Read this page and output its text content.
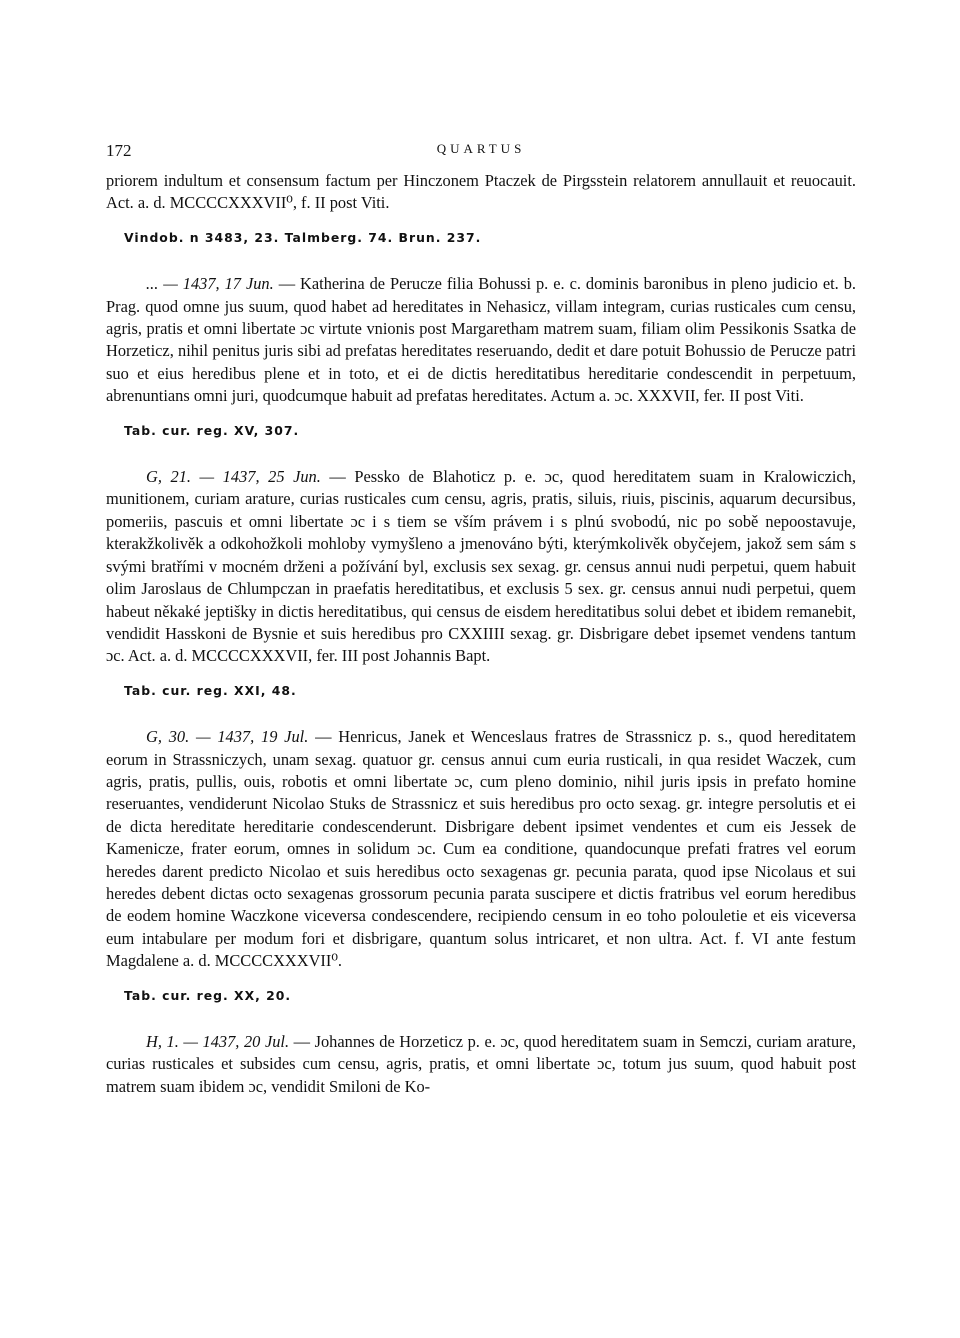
172	QUARTUS

priorem indultum et consensum factum per Hinczonem Ptaczek de Pirgsstein relatorem annullauit et reuocauit. Act. a. d. MCCCCXXXVII⁰, f. II post Viti.

Vindob. n 3483, 23. Talmberg. 74. Brun. 237.

... — 1437, 17 Jun. — Katherina de Perucze filia Bohussi p. e. c. dominis baronibus in pleno judicio et. b. Prag. quod omne jus suum, quod habet ad hereditates in Nehasicz, villam integram, curias rusticales cum censu, agris, pratis et omni libertate ɔc virtute vnionis post Margaretham matrem suam, filiam olim Pessikonis Ssatka de Horzeticz, nihil penitus juris sibi ad prefatas hereditates reseruando, dedit et dare potuit Bohussio de Perucze patri suo et eius heredibus plene et in toto, et ei de dictis hereditatibus hereditarie condescendit in perpetuum, abrenuntians omni juri, quodcumque habuit ad prefatas hereditates. Actum a. ɔc. XXXVII, fer. II post Viti.

Tab. cur. reg. XV, 307.

G, 21. — 1437, 25 Jun. — Pessko de Blahoticz p. e. ɔc, quod hereditatem suam in Kralowiczich, munitionem, curiam arature, curias rusticales cum censu, agris, pratis, siluis, riuis, piscinis, aquarum decursibus, pomeriis, pascuis et omni libertate ɔc i s tiem se vším právem i s plnú svobodú, nic po sobě nepoostavuje, kterakžkolivěk a odkohožkoli mohloby vymyšleno a jmenováno býti, kterýmkolivěk obyčejem, jakož sem sám s svými bratřími v mocném drženi a požívání byl, exclusis sex sexag. gr. census annui nudi perpetui, quem habuit olim Jaroslaus de Chlumpczan in praefatis hereditatibus, et exclusis 5 sex. gr. census annui nudi perpetui, quem habeut někaké jeptišky in dictis hereditatibus, qui census de eisdem hereditatibus solui debet et ibidem remanebit, vendidit Hasskoni de Bysnie et suis heredibus pro CXXIIII sexag. gr. Disbrigare debet ipsemet vendens tantum ɔc. Act. a. d. MCCCCXXXVII, fer. III post Johannis Bapt.

Tab. cur. reg. XXI, 48.

G, 30. — 1437, 19 Jul. — Henricus, Janek et Wenceslaus fratres de Strassnicz p. s., quod hereditatem eorum in Strassniczych, unam sexag. quatuor gr. census annui cum euria rusticali, in qua residet Waczek, cum agris, pratis, pullis, ouis, robotis et omni libertate ɔc, cum pleno dominio, nihil juris ipsis in prefato homine reseruantes, vendiderunt Nicolao Stuks de Strassnicz et suis heredibus pro octo sexag. gr. integre persolutis et ei de dicta hereditate hereditarie condescenderunt. Disbrigare debent ipsimet vendentes et cum eis Jessek de Kamenicze, frater eorum, omnes in solidum ɔc. Cum ea conditione, quandocunque prefati fratres vel eorum heredes darent predicto Nicolao et suis heredibus octo sexagenas gr. pecunia parata, quod ipse Nicolaus et sui heredes debent dictas octo sexagenas grossorum pecunia parata suscipere et dictis fratribus vel eorum heredibus de eodem homine Waczkone viceversa condescendere, recipiendo censum in eo toho polouletie et eis viceversa eum intabulare per modum fori et disbrigare, quantum solus intricaret, et non ultra. Act. f. VI ante festum Magdalene a. d. MCCCCXXXVII⁰.

Tab. cur. reg. XX, 20.

H, 1. — 1437, 20 Jul. — Johannes de Horzeticz p. e. ɔc, quod hereditatem suam in Semczi, curiam arature, curias rusticales et subsides cum censu, agris, pratis, et omni libertate ɔc, totum jus suum, quod habuit post matrem suam ibidem ɔc, vendidit Smiloni de Ko-
